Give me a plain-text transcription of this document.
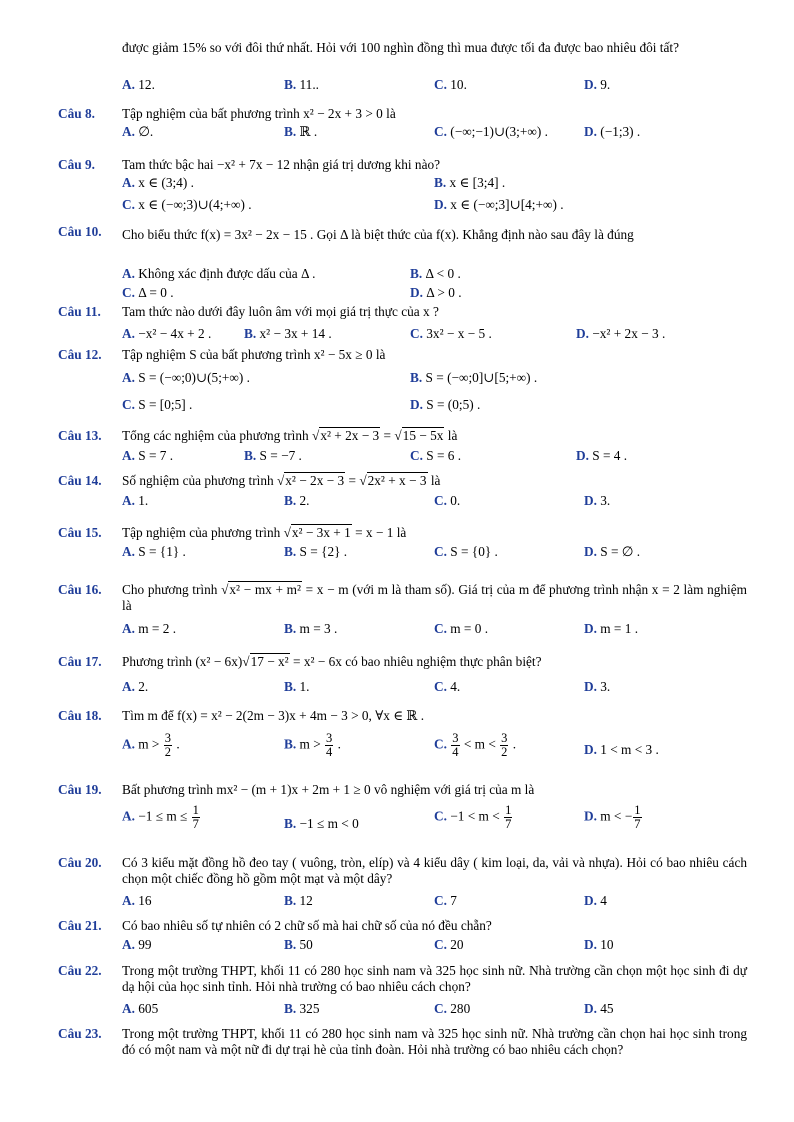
được giảm 15% so với đôi thứ nhất. Hỏi với 100 nghìn đồng thì mua được tối đa được bao nhiêu đôi tất?
A. 12.	B. 11..	C. 10.	D. 9.
Câu 8. Tập nghiệm của bất phương trình x² − 2x + 3 > 0 là
A. ∅.	B. ℝ .	C. (−∞;−1)∪(3;+∞) .	D. (−1;3) .
Câu 9. Tam thức bậc hai −x² + 7x − 12 nhận giá trị dương khi nào?
A. x ∈ (3;4) .	B. x ∈ [3;4] .
C. x ∈ (−∞;3)∪(4;+∞) .	D. x ∈ (−∞;3]∪[4;+∞) .
Câu 10. Cho biểu thức f(x) = 3x² − 2x − 15 . Gọi Δ là biệt thức của f(x). Khẳng định nào sau đây là đúng
A. Không xác định được dấu của Δ .	B. Δ < 0 .
C. Δ = 0 .	D. Δ > 0 .
Câu 11. Tam thức nào dưới đây luôn âm với mọi giá trị thực của x ?
A. −x² − 4x + 2 . B. x² − 3x + 14 .	C. 3x² − x − 5 .	D. −x² + 2x − 3 .
Câu 12. Tập nghiệm S của bất phương trình x² − 5x ≥ 0 là
A. S = (−∞;0)∪(5;+∞) .	B. S = (−∞;0]∪[5;+∞) .
C. S = [0;5] .	D. S = (0;5) .
Câu 13. Tổng các nghiệm của phương trình √x² + 2x − 3 = √15 − 5x là
A. S = 7 .	B. S = −7 .	C. S = 6 .	D. S = 4 .
Câu 14. Số nghiệm của phương trình √x² − 2x − 3 = √2x² + x − 3 là
A. 1.	B. 2.	C. 0.	D. 3.
Câu 15. Tập nghiệm của phương trình √x² − 3x + 1 = x − 1 là
A. S = {1} .	B. S = {2} .	C. S = {0} .	D. S = ∅ .
Câu 16. Cho phương trình √x² − mx + m² = x − m (với m là tham số). Giá trị của m để phương trình nhận x = 2 làm nghiệm là
A. m = 2 .	B. m = 3 .	C. m = 0 .	D. m = 1 .
Câu 17. Phương trình (x² − 6x)√17 − x² = x² − 6x có bao nhiêu nghiệm thực phân biệt?
A. 2.	B. 1.	C. 4.	D. 3.
Câu 18. Tìm m để f(x) = x² − 2(2m − 3)x + 4m − 3 > 0, ∀x ∈ ℝ .
A. $m > \frac{3}{2}$ .	B. $m > \frac{3}{4}$ .	C. $\frac{3}{4} < m < \frac{3}{2}$ .	D. 1 < m < 3 .
Câu 19. Bất phương trình mx² − (m + 1)x + 2m + 1 ≥ 0 vô nghiệm với giá trị của m là
A. $-1 \le m \le \frac{1}{7}$	B. −1 ≤ m < 0	C. $-1 < m < \frac{1}{7}$	D. m < − $\frac{1}{7}$
Câu 20. Có 3 kiểu mặt đồng hồ đeo tay ( vuông, tròn, elíp) và 4 kiểu dây ( kim loại, da, vải và nhựa). Hỏi có bao nhiêu cách chọn một chiếc đồng hồ gồm một mạt và một dây?
A. 16	B. 12	C. 7	D. 4
Câu 21. Có bao nhiêu số tự nhiên có 2 chữ số mà hai chữ số của nó đều chẵn?
A. 99	B. 50	C. 20	D. 10
Câu 22. Trong một trường THPT, khối 11 có 280 học sinh nam và 325 học sinh nữ. Nhà trường cần chọn một học sinh đi dự dạ hội của học sinh tỉnh. Hỏi nhà trường có bao nhiêu cách chọn?
A. 605	B. 325	C. 280	D. 45
Câu 23. Trong một trường THPT, khối 11 có 280 học sinh nam và 325 học sinh nữ. Nhà trường cần chọn hai học sinh trong đó có một nam và một nữ đi dự trại hè của tỉnh đoàn. Hỏi nhà trường có bao nhiêu cách chọn?
